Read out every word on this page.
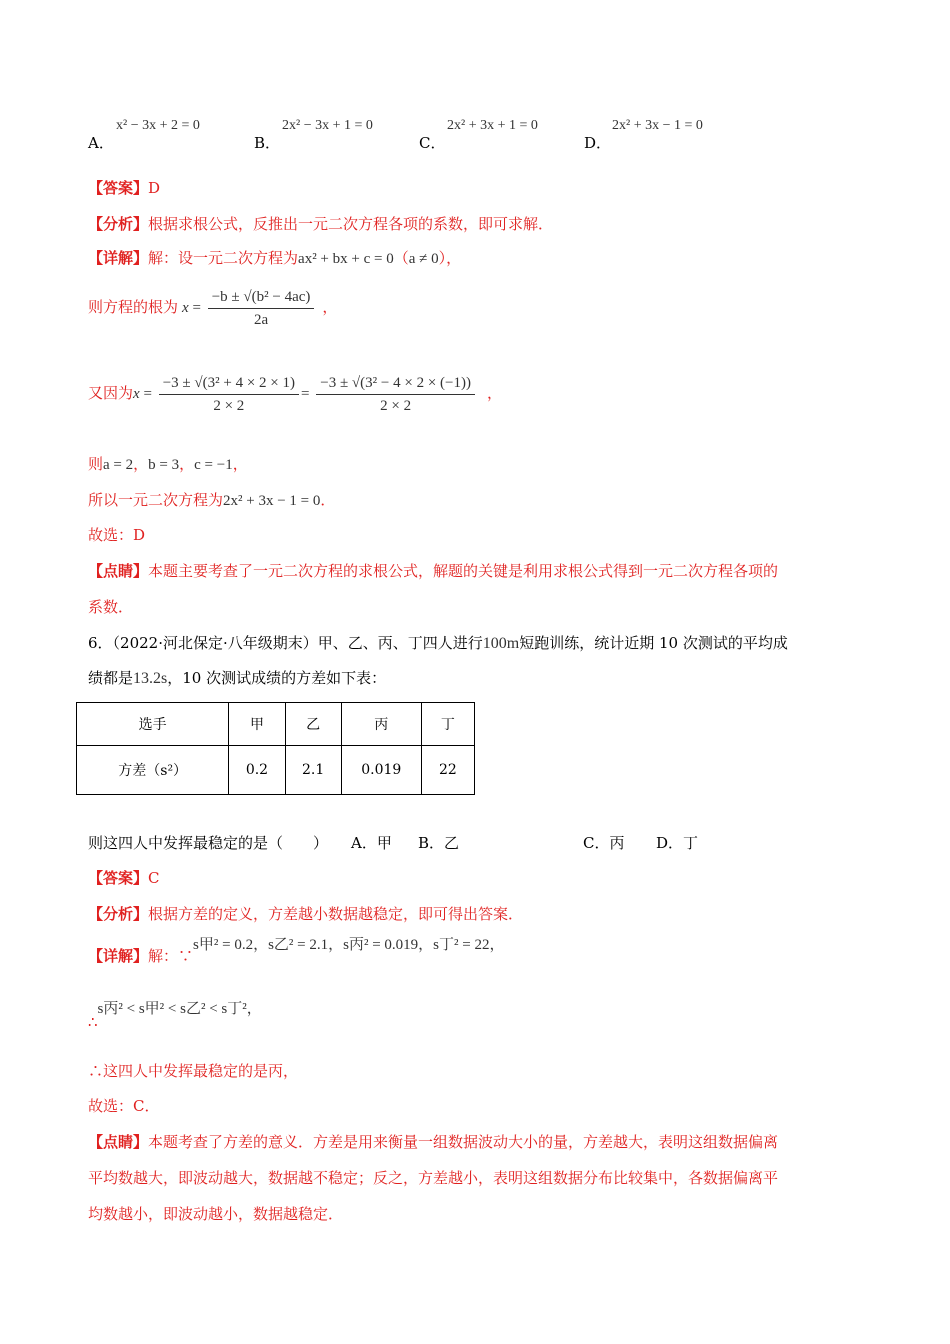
A．
x² − 3x + 2 = 0
B．
2x² − 3x + 1 = 0
C．
2x² + 3x + 1 = 0
D．
2x² + 3x − 1 = 0
【答案】D
【分析】根据求根公式，反推出一元二次方程各项的系数，即可求解．
【详解】解：设一元二次方程为ax² + bx + c = 0（a ≠ 0），
则方程的根为 $x = \frac{\text{−b ± √(b² − 4ac)}}{2a}$ ，
又因为$x = \frac{\text{−3 ± √(3² + 4 × 2 × 1)}}{2 \times 2} = \frac{\text{−3 ± √(3² − 4 × 2 × (−1))}}{2 \times 2}$ ，
则a = 2，b = 3，c = −1，
所以一元二次方程为2x² + 3x − 1 = 0．
故选：D
【点睛】本题主要考查了一元二次方程的求根公式，解题的关键是利用求根公式得到一元二次方程各项的
系数．
6．（2022·河北保定·八年级期末）甲、乙、丙、丁四人进行100m短跑训练，统计近期 10 次测试的平均成
绩都是13.2s，10 次测试成绩的方差如下表：
选手	甲	乙	丙	丁
方差（s²）	0.2	2.1	0.019	22
则这四人中发挥最稳定的是（　　） A．甲 B．乙	C．丙 D．丁
【答案】C
【分析】根据方差的定义，方差越小数据越稳定，即可得出答案．
【详解】解：∵s甲² = 0.2，s乙² = 2.1，s丙² = 0.019，s丁² = 22，
∴s丙² < s甲² < s乙² < s丁²，
∴这四人中发挥最稳定的是丙，
故选：C．
【点睛】本题考查了方差的意义．方差是用来衡量一组数据波动大小的量，方差越大，表明这组数据偏离
平均数越大，即波动越大，数据越不稳定；反之，方差越小，表明这组数据分布比较集中，各数据偏离平
均数越小，即波动越小，数据越稳定．
